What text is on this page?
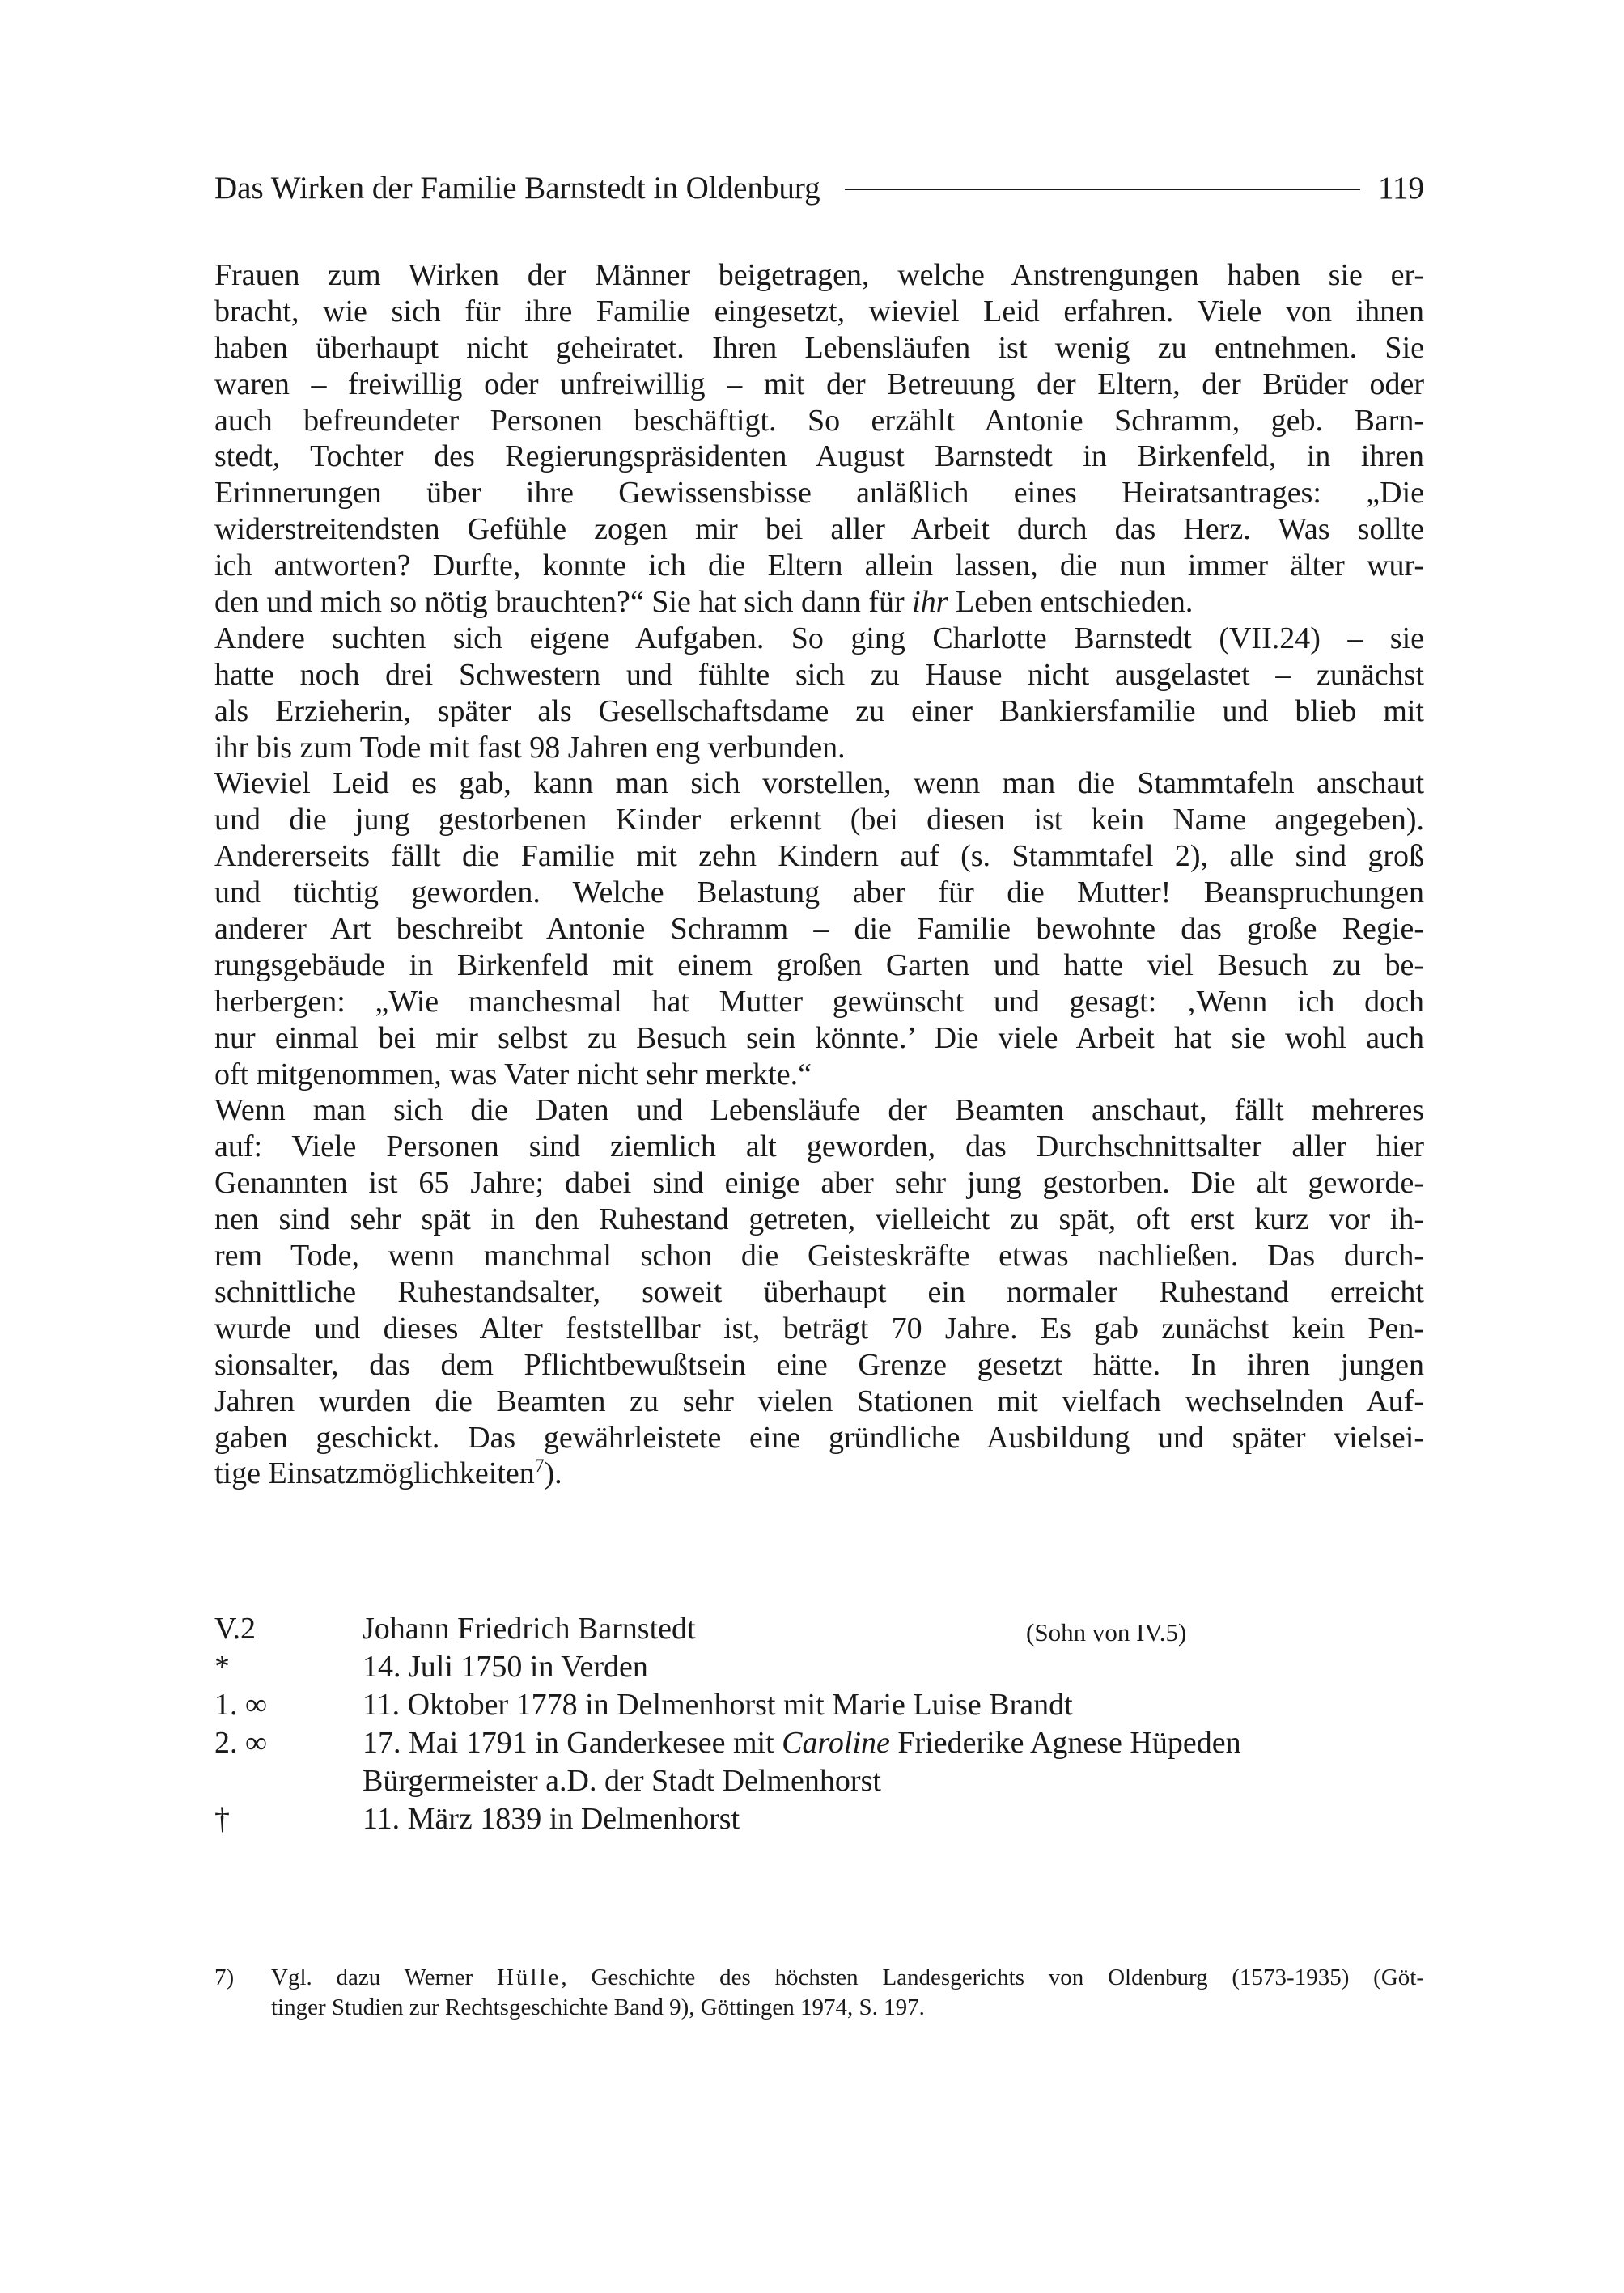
Das Wirken der Familie Barnstedt in Oldenburg	119
Frauen zum Wirken der Männer beigetragen, welche Anstrengungen haben sie er-
bracht, wie sich für ihre Familie eingesetzt, wieviel Leid erfahren. Viele von ihnen
haben überhaupt nicht geheiratet. Ihren Lebensläufen ist wenig zu entnehmen. Sie
waren – freiwillig oder unfreiwillig – mit der Betreuung der Eltern, der Brüder oder
auch befreundeter Personen beschäftigt. So erzählt Antonie Schramm, geb. Barn-
stedt, Tochter des Regierungspräsidenten August Barnstedt in Birkenfeld, in ihren
Erinnerungen über ihre Gewissensbisse anläßlich eines Heiratsantrages: „Die
widerstreitendsten Gefühle zogen mir bei aller Arbeit durch das Herz. Was sollte
ich antworten? Durfte, konnte ich die Eltern allein lassen, die nun immer älter wur-
den und mich so nötig brauchten?“ Sie hat sich dann für ihr Leben entschieden.
Andere suchten sich eigene Aufgaben. So ging Charlotte Barnstedt (VII.24) – sie
hatte noch drei Schwestern und fühlte sich zu Hause nicht ausgelastet – zunächst
als Erzieherin, später als Gesellschaftsdame zu einer Bankiersfamilie und blieb mit
ihr bis zum Tode mit fast 98 Jahren eng verbunden.
Wieviel Leid es gab, kann man sich vorstellen, wenn man die Stammtafeln anschaut
und die jung gestorbenen Kinder erkennt (bei diesen ist kein Name angegeben).
Andererseits fällt die Familie mit zehn Kindern auf (s. Stammtafel 2), alle sind groß
und tüchtig geworden. Welche Belastung aber für die Mutter! Beanspruchungen
anderer Art beschreibt Antonie Schramm – die Familie bewohnte das große Regie-
rungsgebäude in Birkenfeld mit einem großen Garten und hatte viel Besuch zu be-
herbergen: „Wie manchesmal hat Mutter gewünscht und gesagt: ‚Wenn ich doch
nur einmal bei mir selbst zu Besuch sein könnte.’ Die viele Arbeit hat sie wohl auch
oft mitgenommen, was Vater nicht sehr merkte.“
Wenn man sich die Daten und Lebensläufe der Beamten anschaut, fällt mehreres
auf: Viele Personen sind ziemlich alt geworden, das Durchschnittsalter aller hier
Genannten ist 65 Jahre; dabei sind einige aber sehr jung gestorben. Die alt geworde-
nen sind sehr spät in den Ruhestand getreten, vielleicht zu spät, oft erst kurz vor ih-
rem Tode, wenn manchmal schon die Geisteskräfte etwas nachließen. Das durch-
schnittliche Ruhestandsalter, soweit überhaupt ein normaler Ruhestand erreicht
wurde und dieses Alter feststellbar ist, beträgt 70 Jahre. Es gab zunächst kein Pen-
sionsalter, das dem Pflichtbewußtsein eine Grenze gesetzt hätte. In ihren jungen
Jahren wurden die Beamten zu sehr vielen Stationen mit vielfach wechselnden Auf-
gaben geschickt. Das gewährleistete eine gründliche Ausbildung und später vielsei-
tige Einsatzmöglichkeiten$^7$).
V.2	Johann Friedrich Barnstedt	(Sohn von IV.5)
*	14. Juli 1750 in Verden
1. ∞	11. Oktober 1778 in Delmenhorst mit Marie Luise Brandt
2. ∞	17. Mai 1791 in Ganderkesee mit Caroline Friederike Agnese Hüpeden
Bürgermeister a.D. der Stadt Delmenhorst
†	11. März 1839 in Delmenhorst
7)	Vgl. dazu Werner Hülle, Geschichte des höchsten Landesgerichts von Oldenburg (1573-1935) (Göt-
tinger Studien zur Rechtsgeschichte Band 9), Göttingen 1974, S. 197.
